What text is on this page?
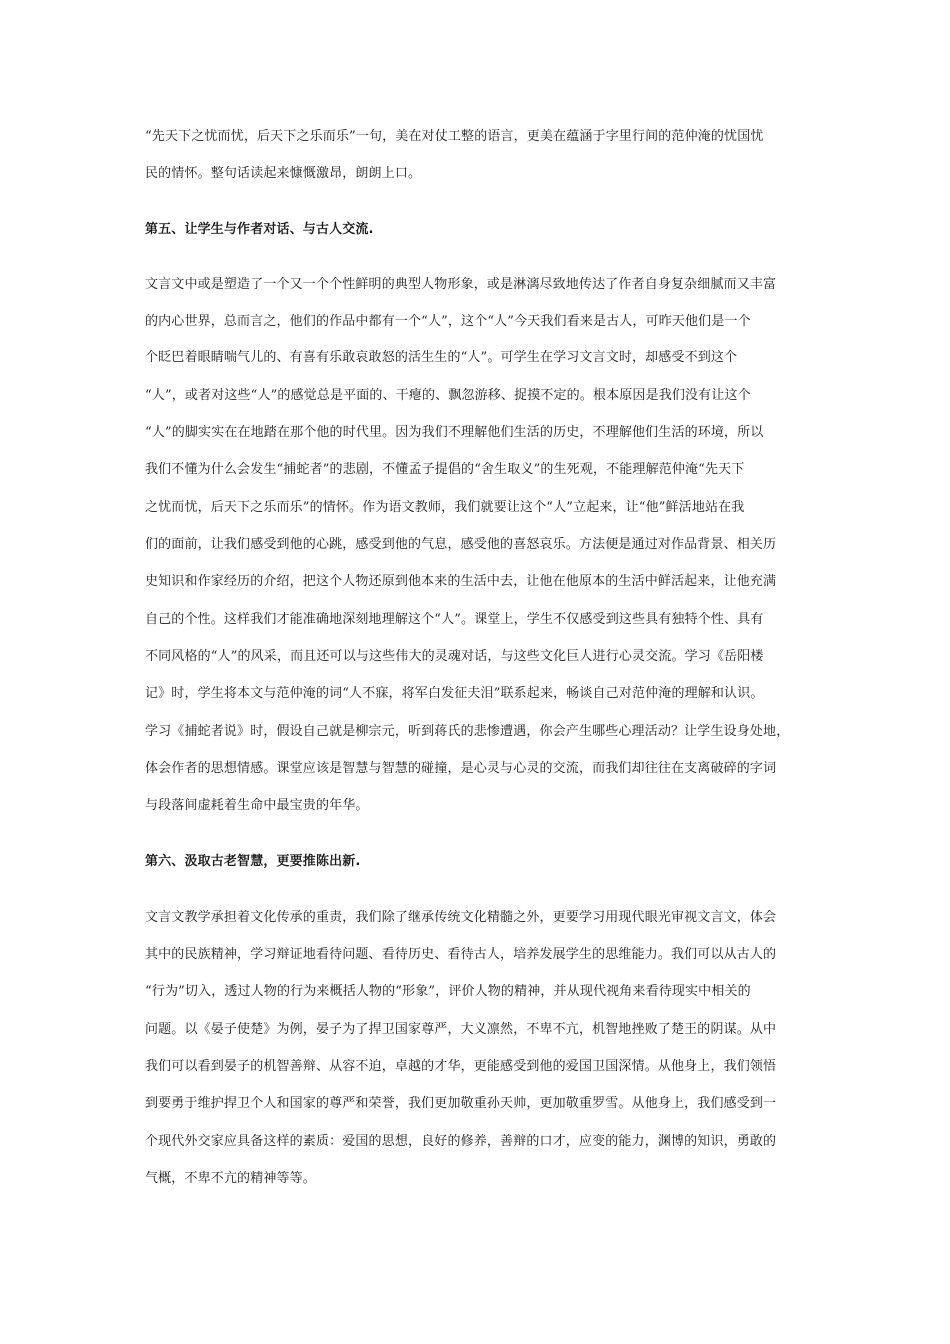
“先天下之忧而忧，后天下之乐而乐”一句，美在对仗工整的语言，更美在蕴涵于字里行间的范仲淹的忧国忧
民的情怀。整句话读起来慷慨激昂，朗朗上口。
第五、让学生与作者对话、与古人交流.
文言文中或是塑造了一个又一个个性鲜明的典型人物形象，或是淋漓尽致地传达了作者自身复杂细腻而又丰富
的内心世界，总而言之，他们的作品中都有一个“人”，这个“人”今天我们看来是古人，可昨天他们是一个
个眨巴着眼睛喘气儿的、有喜有乐敢哀敢怒的活生生的“人”。可学生在学习文言文时，却感受不到这个
“人”，或者对这些“人”的感觉总是平面的、干瘪的、飘忽游移、捉摸不定的。根本原因是我们没有让这个
“人”的脚实实在在地踏在那个他的时代里。因为我们不理解他们生活的历史，不理解他们生活的环境，所以
我们不懂为什么会发生“捕蛇者”的悲剧，不懂孟子提倡的“舍生取义”的生死观，不能理解范仲淹“先天下
之忧而忧，后天下之乐而乐”的情怀。作为语文教师，我们就要让这个“人”立起来，让“他”鲜活地站在我
们的面前，让我们感受到他的心跳，感受到他的气息，感受他的喜怒哀乐。方法便是通过对作品背景、相关历
史知识和作家经历的介绍，把这个人物还原到他本来的生活中去，让他在他原本的生活中鲜活起来，让他充满
自己的个性。这样我们才能准确地深刻地理解这个“人”。课堂上，学生不仅感受到这些具有独特个性、具有
不同风格的“人”的风采，而且还可以与这些伟大的灵魂对话，与这些文化巨人进行心灵交流。学习《岳阳楼
记》时，学生将本文与范仲淹的词“人不寐，将军白发征夫泪”联系起来，畅谈自己对范仲淹的理解和认识。
学习《捕蛇者说》时，假设自己就是柳宗元，听到蒋氏的悲惨遭遇，你会产生哪些心理活动？让学生设身处地，
体会作者的思想情感。课堂应该是智慧与智慧的碰撞，是心灵与心灵的交流，而我们却往往在支离破碎的字词
与段落间虚耗着生命中最宝贵的年华。
第六、汲取古老智慧，更要推陈出新.
文言文教学承担着文化传承的重责，我们除了继承传统文化精髓之外，更要学习用现代眼光审视文言文，体会
其中的民族精神，学习辩证地看待问题、看待历史、看待古人，培养发展学生的思维能力。我们可以从古人的
“行为”切入，透过人物的行为来概括人物的“形象”，评价人物的精神，并从现代视角来看待现实中相关的
问题。以《晏子使楚》为例，晏子为了捍卫国家尊严，大义凛然，不卑不亢，机智地挫败了楚王的阴谋。从中
我们可以看到晏子的机智善辩、从容不迫，卓越的才华，更能感受到他的爱国卫国深情。从他身上，我们领悟
到要勇于维护捍卫个人和国家的尊严和荣誉，我们更加敬重孙天帅，更加敬重罗雪。从他身上，我们感受到一
个现代外交家应具备这样的素质：爱国的思想，良好的修养，善辩的口才，应变的能力，渊博的知识，勇敢的
气概，不卑不亢的精神等等。
